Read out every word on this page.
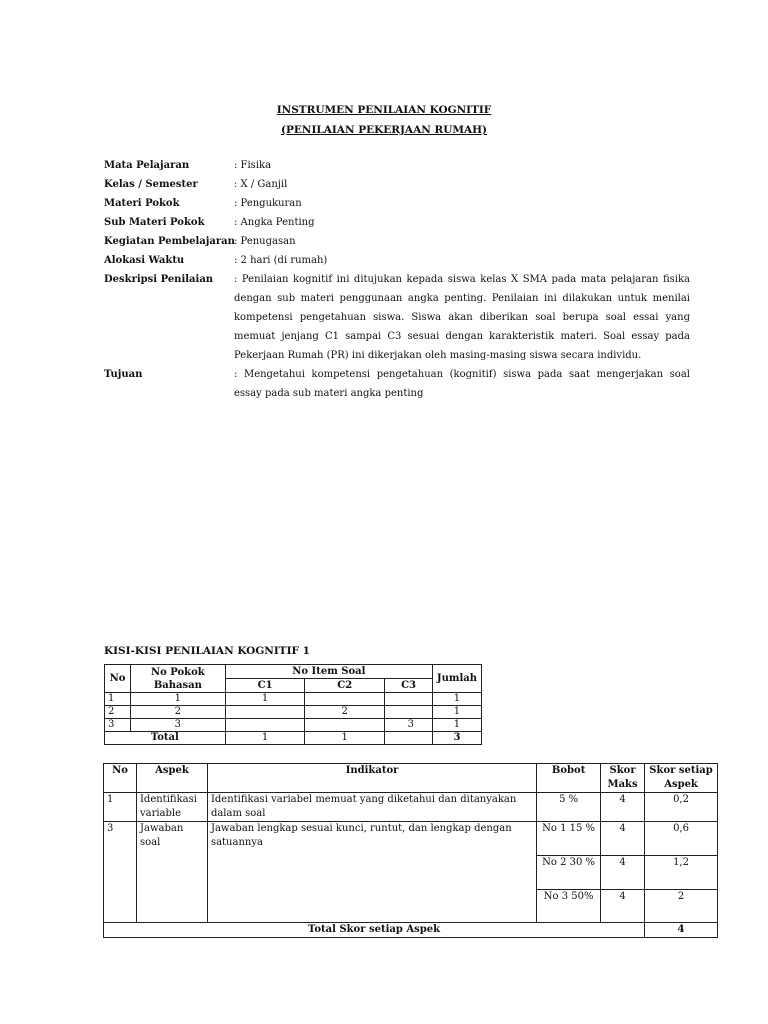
INSTRUMEN PENILAIAN KOGNITIF
(PENILAIAN PEKERJAAN RUMAH)
Mata Pelajaran	: Fisika
Kelas / Semester	: X / Ganjil
Materi Pokok	: Pengukuran
Sub Materi Pokok	: Angka Penting
Kegiatan Pembelajaran : Penugasan
Alokasi Waktu	: 2 hari (di rumah)
Deskripsi Penilaian : Penilaian kognitif ini ditujukan kepada siswa kelas X SMA pada mata pelajaran fisika dengan sub materi penggunaan angka penting. Penilaian ini dilakukan untuk menilai kompetensi pengetahuan siswa. Siswa akan diberikan soal berupa soal essai yang memuat jenjang C1 sampai C3 sesuai dengan karakteristik materi. Soal essay pada Pekerjaan Rumah (PR) ini dikerjakan oleh masing-masing siswa secara individu.
Tujuan	: Mengetahui kompetensi pengetahuan (kognitif) siswa pada saat mengerjakan soal essay pada sub materi angka penting
KISI-KISI PENILAIAN KOGNITIF 1
No	No Pokok Bahasan	No Item Soal			Jumlah
		C1	C2	C3	
1	1	1			1
2	2		2		1
3	3			3	1
Total		1	1		3
No	Aspek	Indikator	Bobot	Skor Maks	Skor setiap Aspek
1	Identifikasi variable	Identifikasi variabel memuat yang diketahui dan ditanyakan dalam soal	5 %	4	0,2
3	Jawaban soal	Jawaban lengkap sesuai kunci, runtut, dan lengkap dengan satuannya	No 1 15 %	4	0,6
			No 2 30 %	4	1,2
			No 3 50%	4	2
Total Skor setiap Aspek					4
